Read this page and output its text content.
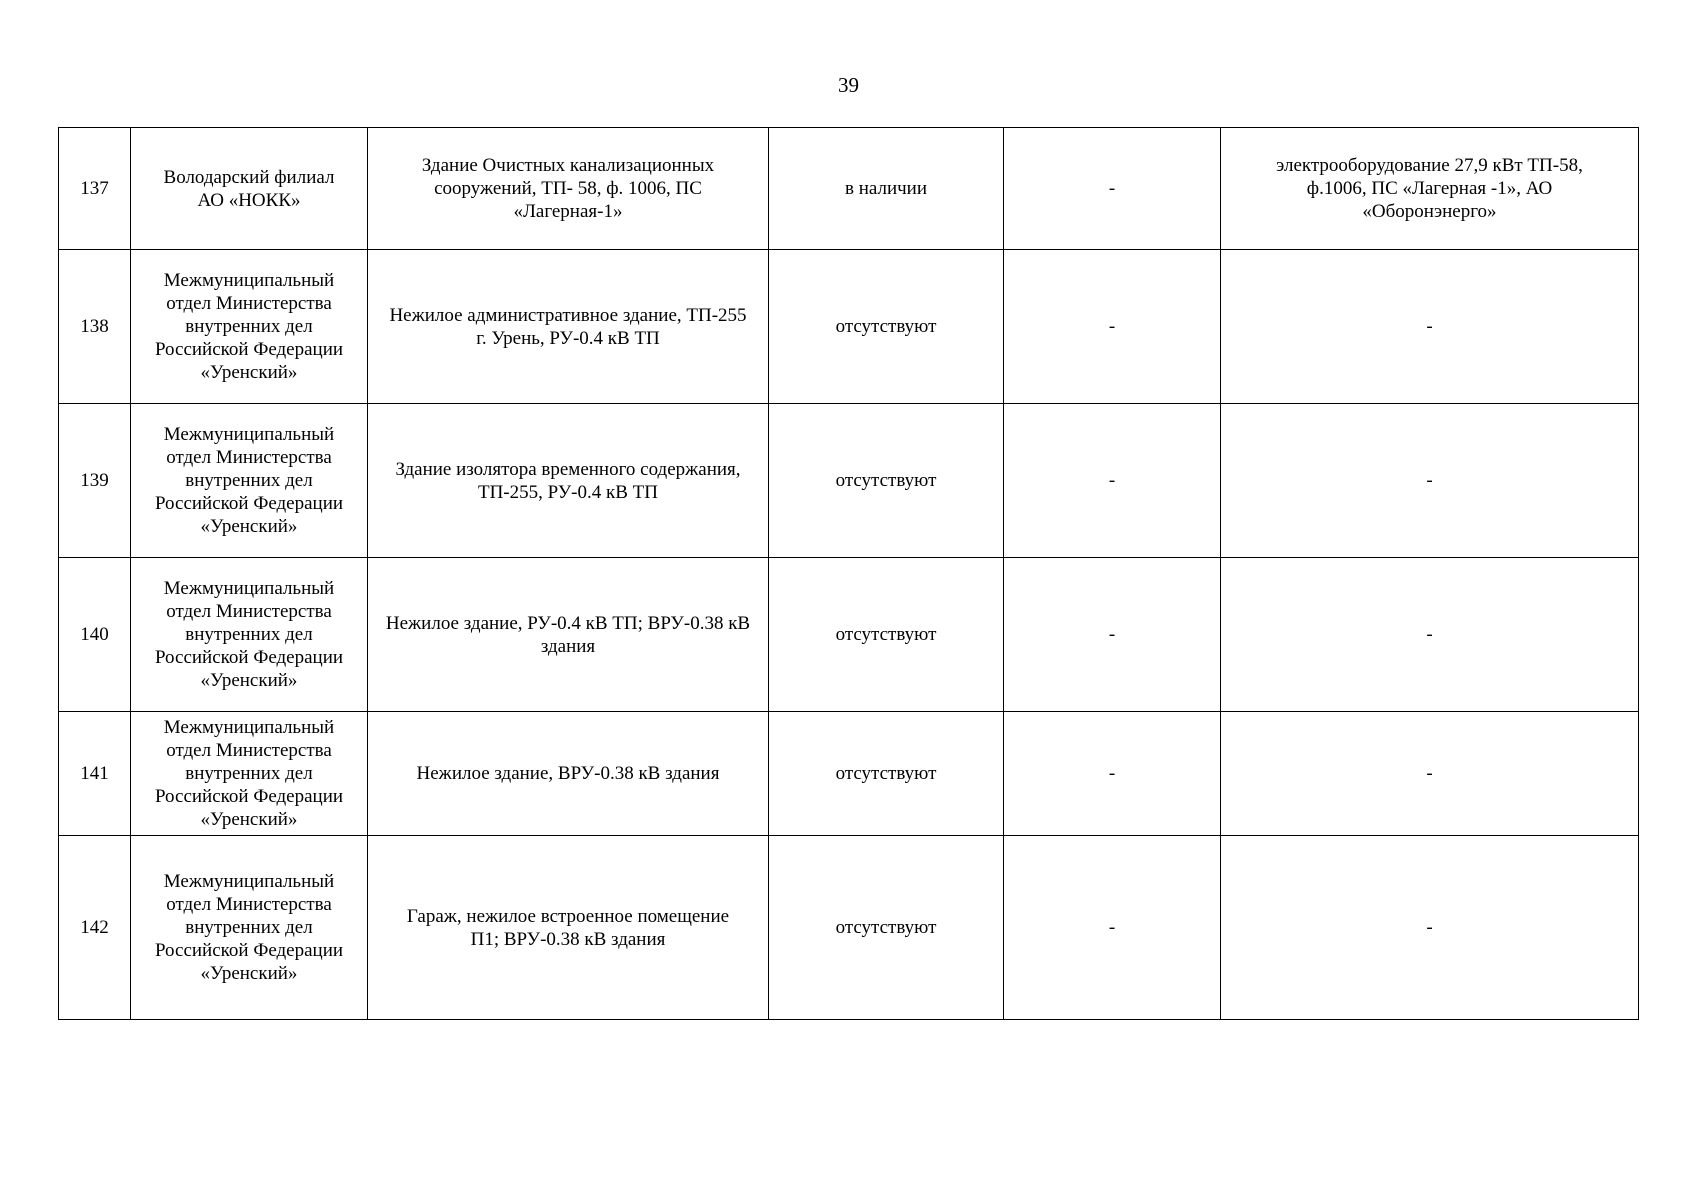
39
137	Володарский филиал АО «НОКК»	Здание Очистных канализационных сооружений, ТП- 58, ф. 1006, ПС «Лагерная-1»	в наличии	-	электрооборудование 27,9 кВт ТП-58, ф.1006, ПС «Лагерная -1», АО «Оборонэнерго»
138	Межмуниципальный отдел Министерства внутренних дел Российской Федерации «Уренский»	Нежилое административное здание, ТП-255 г. Урень, РУ-0.4 кВ ТП	отсутствуют	-	-
139	Межмуниципальный отдел Министерства внутренних дел Российской Федерации «Уренский»	Здание изолятора временного содержания, ТП-255, РУ-0.4 кВ ТП	отсутствуют	-	-
140	Межмуниципальный отдел Министерства внутренних дел Российской Федерации «Уренский»	Нежилое здание, РУ-0.4 кВ ТП; ВРУ-0.38 кВ здания	отсутствуют	-	-
141	Межмуниципальный отдел Министерства внутренних дел Российской Федерации «Уренский»	Нежилое здание, ВРУ-0.38 кВ здания	отсутствуют	-	-
142	Межмуниципальный отдел Министерства внутренних дел Российской Федерации «Уренский»	Гараж, нежилое встроенное помещение П1; ВРУ-0.38 кВ здания	отсутствуют	-	-
